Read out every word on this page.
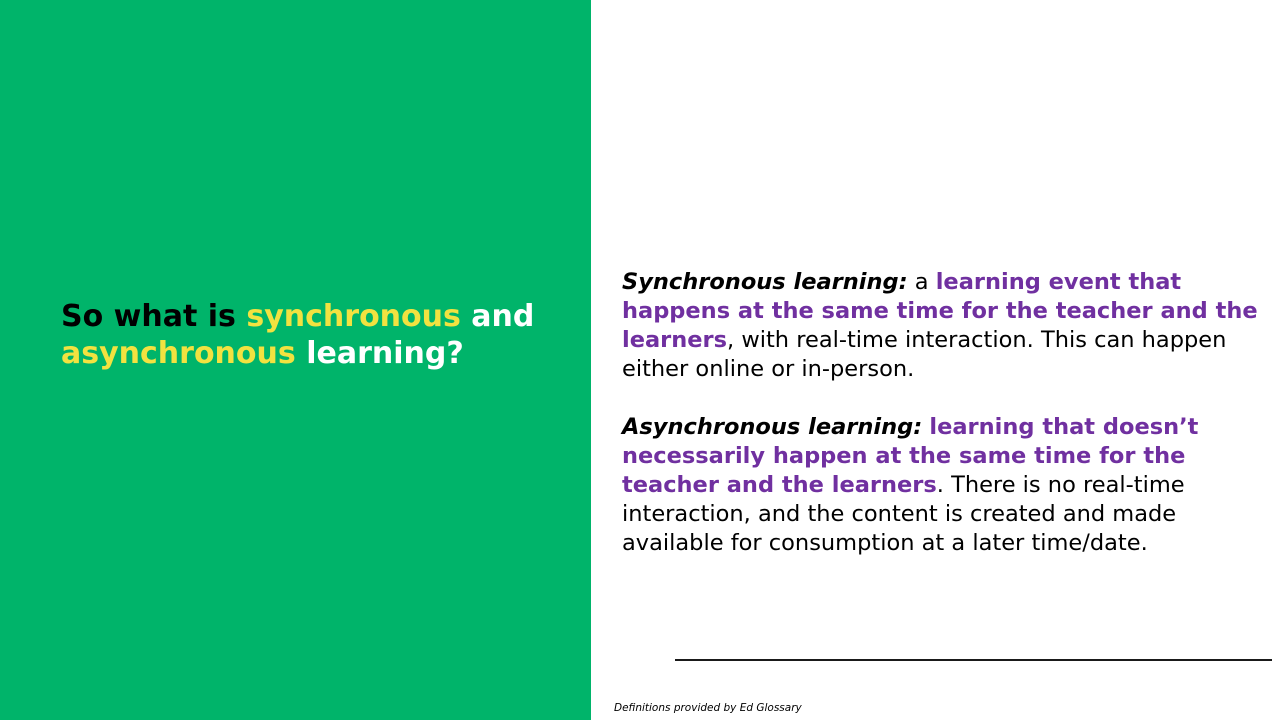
So what is synchronous and asynchronous learning?

Synchronous learning: a learning event that happens at the same time for the teacher and the learners, with real-time interaction. This can happen either online or in-person.

Asynchronous learning: learning that doesn’t necessarily happen at the same time for the teacher and the learners. There is no real-time interaction, and the content is created and made available for consumption at a later time/date.

Definitions provided by Ed Glossary
